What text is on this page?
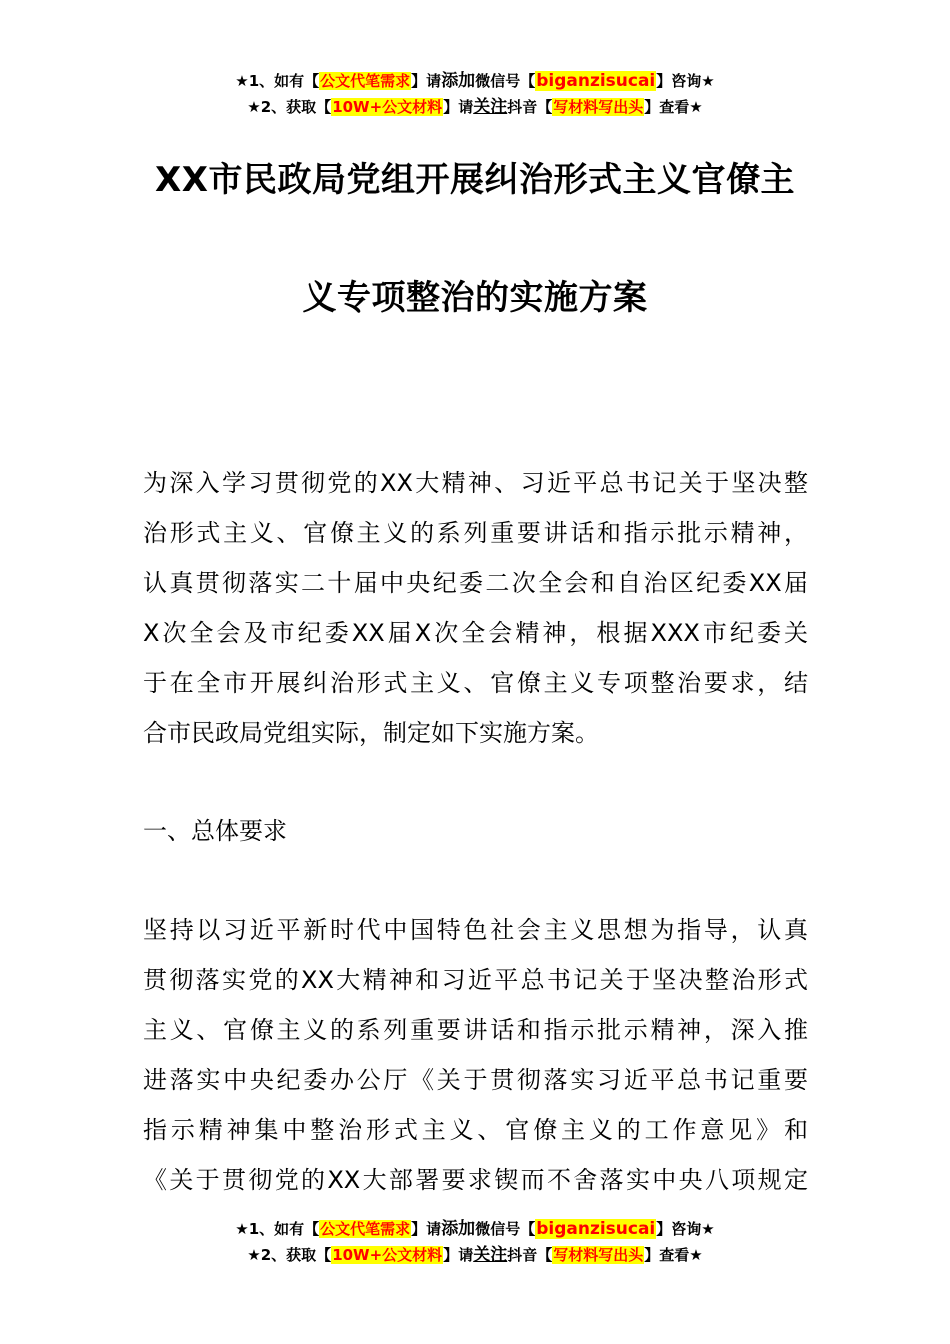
★1、如有【公文代笔需求】请添加微信号【biganzisucai】咨询★
★2、获取【10W+公文材料】请关注抖音【写材料写出头】查看★
XX市民政局党组开展纠治形式主义官僚主
义专项整治的实施方案
为深入学习贯彻党的XX大精神、习近平总书记关于坚决整
治形式主义、官僚主义的系列重要讲话和指示批示精神，
认真贯彻落实二十届中央纪委二次全会和自治区纪委XX届
X次全会及市纪委XX届X次全会精神，根据XXX市纪委关
于在全市开展纠治形式主义、官僚主义专项整治要求，结
合市民政局党组实际，制定如下实施方案。
一、总体要求
坚持以习近平新时代中国特色社会主义思想为指导，认真
贯彻落实党的XX大精神和习近平总书记关于坚决整治形式
主义、官僚主义的系列重要讲话和指示批示精神，深入推
进落实中央纪委办公厅《关于贯彻落实习近平总书记重要
指示精神集中整治形式主义、官僚主义的工作意见》和
《关于贯彻党的XX大部署要求锲而不舍落实中央八项规定
★1、如有【公文代笔需求】请添加微信号【biganzisucai】咨询★
★2、获取【10W+公文材料】请关注抖音【写材料写出头】查看★
